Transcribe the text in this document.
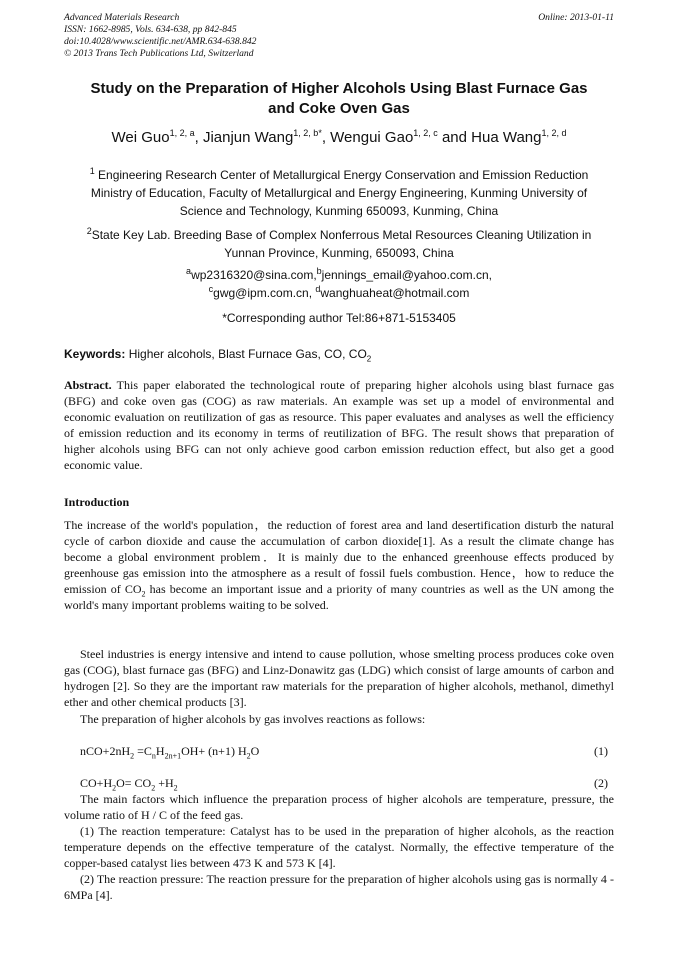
Advanced Materials Research
ISSN: 1662-8985, Vols. 634-638, pp 842-845
doi:10.4028/www.scientific.net/AMR.634-638.842
© 2013 Trans Tech Publications Ltd, Switzerland
Online: 2013-01-11
Study on the Preparation of Higher Alcohols Using Blast Furnace Gas
and Coke Oven Gas
Wei Guo$^{1, 2, a}$, Jianjun Wang$^{1, 2, b*}$, Wengui Gao$^{1, 2, c}$ and Hua Wang$^{1, 2, d}$
$^1$ Engineering Research Center of Metallurgical Energy Conservation and Emission Reduction
Ministry of Education, Faculty of Metallurgical and Energy Engineering, Kunming University of
Science and Technology, Kunming 650093, Kunming, China
$^2$State Key Lab. Breeding Base of Complex Nonferrous Metal Resources Cleaning Utilization in
Yunnan Province, Kunming, 650093, China
$^a$wp2316320@sina.com,$^b$jennings_email@yahoo.com.cn,
$^c$gwg@ipm.com.cn, $^d$wanghuaheat@hotmail.com
*Corresponding author Tel:86+871-5153405
Keywords: Higher alcohols, Blast Furnace Gas, CO, $CO_2$
Abstract. This paper elaborated the technological route of preparing higher alcohols using blast furnace gas (BFG) and coke oven gas (COG) as raw materials. An example was set up a model of environmental and economic evaluation on reutilization of gas as resource. This paper evaluates and analyses as well the efficiency of emission reduction and its economy in terms of reutilization of BFG. The result shows that preparation of higher alcohols using BFG can not only achieve good carbon emission reduction effect, but also get a good economic value.
Introduction
The increase of the world's population，the reduction of forest area and land desertification disturb the natural cycle of carbon dioxide and cause the accumulation of carbon dioxide[1]. As a result the climate change has become a global environment problem．It is mainly due to the enhanced greenhouse effects produced by greenhouse gas emission into the atmosphere as a result of fossil fuels combustion. Hence，how to reduce the emission of $CO_2$ has become an important issue and a priority of many countries as well as the UN among the world's many important problems waiting to be solved.
Steel industries is energy intensive and intend to cause pollution, whose smelting process produces coke oven gas (COG), blast furnace gas (BFG) and Linz-Donawitz gas (LDG) which consist of large amounts of carbon and hydrogen [2]. So they are the important raw materials for the preparation of higher alcohols, methanol, dimethyl ether and other chemical products [3].
The preparation of higher alcohols by gas involves reactions as follows:
$nCO+2nH_2 =C_nH_{2n+1}OH+ (n+1)$ $H_2O$	(1)
$CO+H_2O= CO_2 +H_2$	(2)
The main factors which influence the preparation process of higher alcohols are temperature, pressure, the volume ratio of H / C of the feed gas.
(1) The reaction temperature: Catalyst has to be used in the preparation of higher alcohols, as the reaction temperature depends on the effective temperature of the catalyst. Normally, the effective temperature of the copper-based catalyst lies between 473 K and 573 K [4].
(2) The reaction pressure: The reaction pressure for the preparation of higher alcohols using gas is normally 4 - 6MPa [4].
